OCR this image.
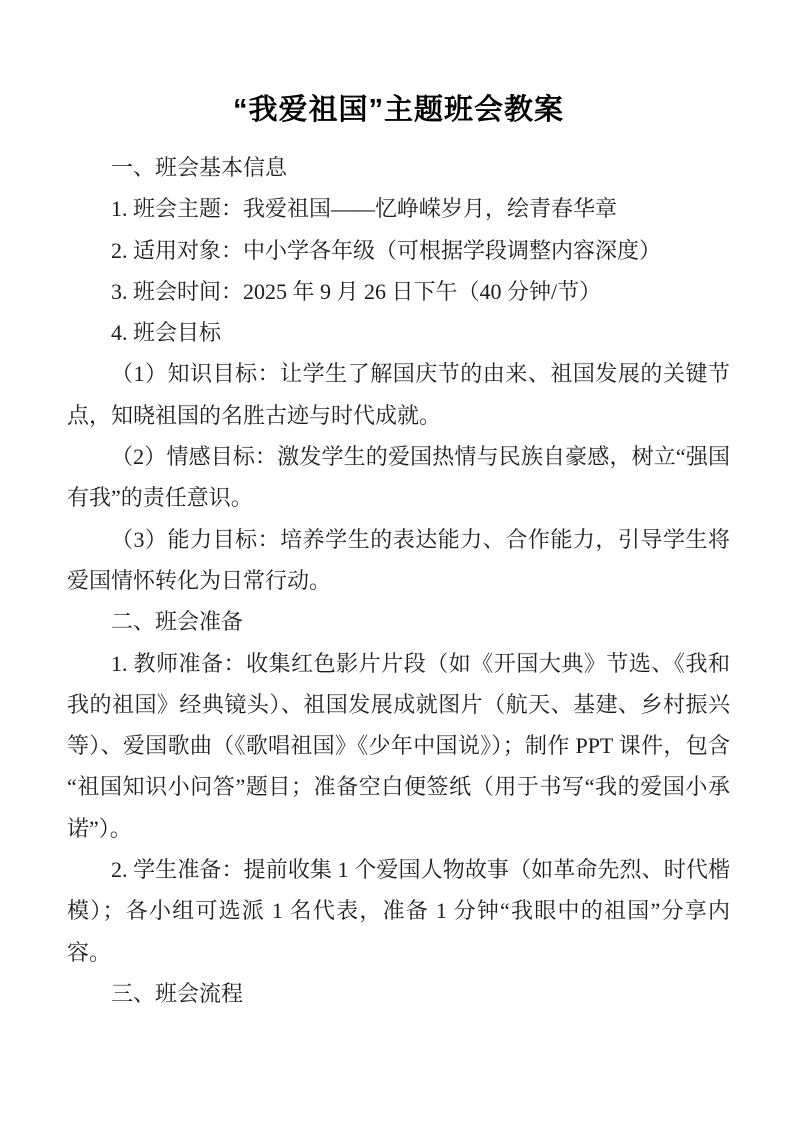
“我爱祖国”主题班会教案

一、班会基本信息

1. 班会主题：我爱祖国——忆峥嵘岁月，绘青春华章

2. 适用对象：中小学各年级（可根据学段调整内容深度）

3. 班会时间：2025 年 9 月 26 日下午（40 分钟/节）

4. 班会目标

（1）知识目标：让学生了解国庆节的由来、祖国发展的关键节点，知晓祖国的名胜古迹与时代成就。

（2）情感目标：激发学生的爱国热情与民族自豪感，树立“强国有我”的责任意识。

（3）能力目标：培养学生的表达能力、合作能力，引导学生将爱国情怀转化为日常行动。

二、班会准备

1. 教师准备：收集红色影片片段（如《开国大典》节选、《我和我的祖国》经典镜头）、祖国发展成就图片（航天、基建、乡村振兴等）、爱国歌曲（《歌唱祖国》《少年中国说》）；制作 PPT 课件，包含“祖国知识小问答”题目；准备空白便签纸（用于书写“我的爱国小承诺”）。

2. 学生准备：提前收集 1 个爱国人物故事（如革命先烈、时代楷模）；各小组可选派 1 名代表，准备 1 分钟“我眼中的祖国”分享内容。

三、班会流程
